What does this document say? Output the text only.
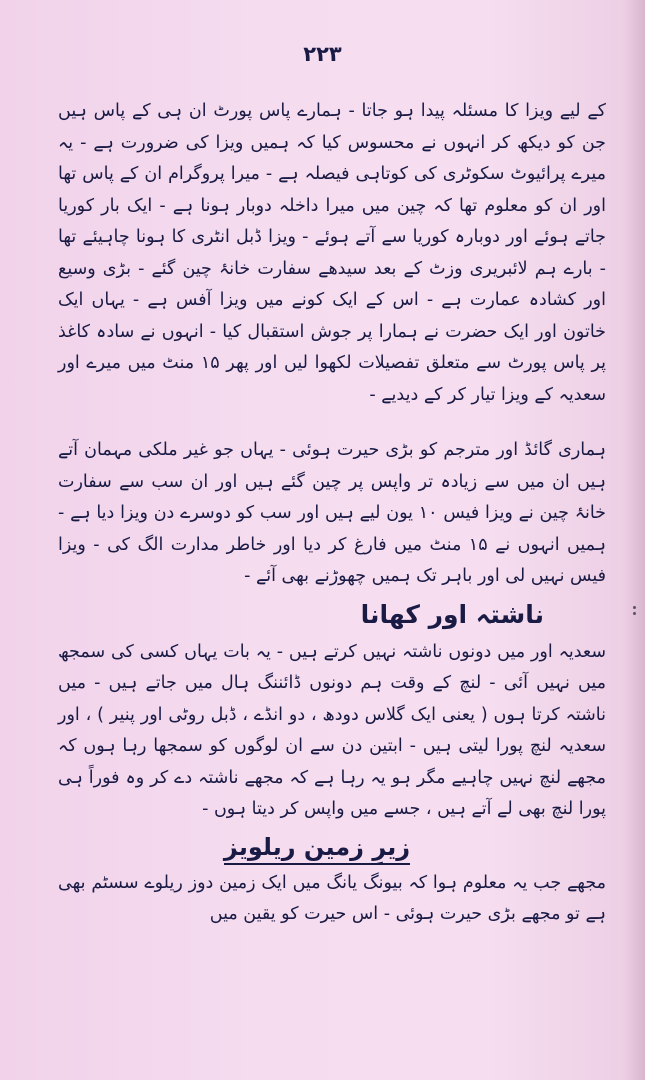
۲۲۳

کے لیے ویزا کا مسئلہ پیدا ہو جاتا - ہمارے پاس پورٹ ان ہی کے پاس ہیں جن کو دیکھ کر انہوں نے محسوس کیا کہ ہمیں ویزا کی ضرورت ہے - یہ میرے پرائیوٹ سکوٹری کی کوتاہی فیصلہ ہے - میرا پروگرام ان کے پاس تھا اور ان کو معلوم تھا کہ چین میں میرا داخلہ دوبار ہونا ہے - ایک بار کوریا جاتے ہوئے اور دوبارہ کوریا سے آتے ہوئے - ویزا ڈبل انٹری کا ہونا چاہیئے تھا - بارے ہم لائبریری وزٹ کے بعد سیدھے سفارت خانۂ چین گئے - بڑی وسیع اور کشادہ عمارت ہے - اس کے ایک کونے میں ویزا آفس ہے - یہاں ایک خاتون اور ایک حضرت نے ہمارا پر جوش استقبال کیا - انہوں نے سادہ کاغذ پر پاس پورٹ سے متعلق تفصیلات لکھوا لیں اور پھر ۱۵ منٹ میں میرے اور سعدیہ کے ویزا تیار کر کے دیدیے -

ہماری گائڈ اور مترجم کو بڑی حیرت ہوئی - یہاں جو غیر ملکی مہمان آتے ہیں ان میں سے زیادہ تر واپس پر چین گئے ہیں اور ان سب سے سفارت خانۂ چین نے ویزا فیس ۱۰ یون لیے ہیں اور سب کو دوسرے دن ویزا دیا ہے - ہمیں انہوں نے ۱۵ منٹ میں فارغ کر دیا اور خاطر مدارت الگ کی - ویزا فیس نہیں لی اور باہر تک ہمیں چھوڑنے بھی آئے -

ناشتہ اور کھانا

سعدیہ اور میں دونوں ناشتہ نہیں کرتے ہیں - یہ بات یہاں کسی کی سمجھ میں نہیں آئی - لنچ کے وقت ہم دونوں ڈائننگ ہال میں جاتے ہیں - میں ناشتہ کرتا ہوں ( یعنی ایک گلاس دودھ ، دو انڈے ، ڈبل روٹی اور پنیر ) ، اور سعدیہ لنچ پورا لیتی ہیں - ابتین دن سے ان لوگوں کو سمجھا رہا ہوں کہ مجھے لنچ نہیں چاہیے مگر ہو یہ رہا ہے کہ مجھے ناشتہ دے کر وہ فوراً ہی پورا لنچ بھی لے آتے ہیں ، جسے میں واپس کر دیتا ہوں -

زیرِ زمین ریلویز

مجھے جب یہ معلوم ہوا کہ بیونگ یانگ میں ایک زمین دوز ریلوے سسٹم بھی ہے تو مجھے بڑی حیرت ہوئی - اس حیرت کو یقین میں
